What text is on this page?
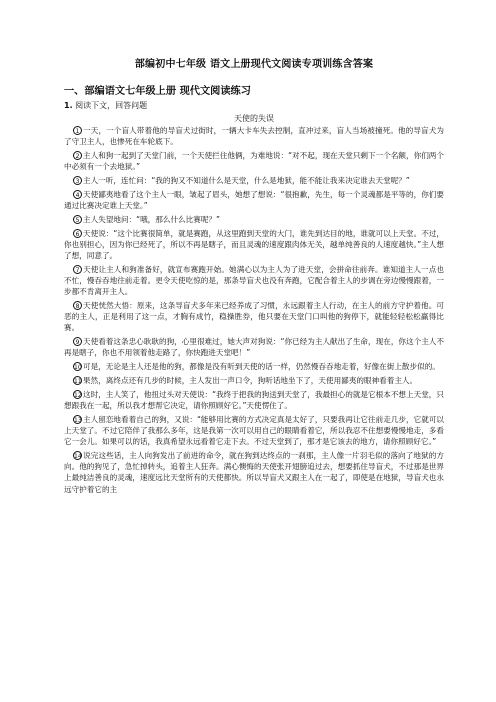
部编初中七年级 语文上册现代文阅读专项训练含答案
一、部编语文七年级上册 现代文阅读练习
1. 阅读下文，回答问题
天使的失误
1 一天，一个盲人带着他的导盲犬过街时，一辆大卡车失去控制，直冲过来，盲人当场被撞死。他的导盲犬为了守卫主人，也惨死在车轮底下。
2 主人和狗一起到了天堂门前，一个天使拦住他俩，为难地说：“对不起，现在天堂只剩下一个名额，你们两个中必须有一个去地狱。”
3 主人一听，连忙问：“我的狗又不知道什么是天堂，什么是地狱，能不能让我来决定谁去天堂呢？”
4 天使鄙夷地看了这个主人一眼，皱起了眉头，她想了想说：“很抱歉，先生，每一个灵魂都是平等的，你们要通过比赛决定谁上天堂。”
5 主人失望地问：“哦，那么什么比赛呢？”
6 天使说：“这个比赛很简单，就是赛跑，从这里跑到天堂的大门，谁先到达目的地，谁就可以上天堂。不过，你也别担心，因为你已经死了，所以不再是瞎子，而且灵魂的速度跟肉体无关，越单纯善良的人速度越快。”主人想了想，同意了。
7 天使让主人和狗准备好，就宣布赛跑开始。她满心以为主人为了进天堂，会拼命往前奔。谁知道主人一点也不忙，慢吞吞地往前走着。更令天使吃惊的是，那条导盲犬也没有奔跑，它配合着主人的步调在旁边慢慢跟着，一步都不肯离开主人。
8 天使恍然大悟：原来，这条导盲犬多年来已经养成了习惯，永远跟着主人行动，在主人的前方守护着他。可恶的主人，正是利用了这一点，才胸有成竹，稳操胜券，他只要在天堂门口叫他的狗停下，就能轻轻松松赢得比赛。
9 天使看着这条忠心耿耿的狗，心里很难过，她大声对狗说：“你已经为主人献出了生命，现在，你这个主人不再是瞎子，你也不用领着他走路了，你快跑进天堂吧！”
10可是，无论是主人还是他的狗，都像是没有听到天使的话一样，仍然慢吞吞地走着，好像在街上散步似的。
11果然，离终点还有几步的时候，主人发出一声口令，狗听话地坐下了，天使用鄙夷的眼神看着主人。
12这时，主人笑了，他扭过头对天使说：“我终于把我的狗送到天堂了，我最担心的就是它根本不想上天堂，只想跟我在一起，所以我才想帮它决定，请你照顾好它。”天使愣住了。
13主人留恋地看着自己的狗，又说：“能够用比赛的方式决定真是太好了，只要我再让它往前走几步，它就可以上天堂了。不过它陪伴了我那么多年，这是我第一次可以用自己的眼睛看着它，所以我忍不住想要慢慢地走，多看它一会儿。如果可以的话，我真希望永远看着它走下去。不过天堂到了，那才是它该去的地方，请你照顾好它。”
14说完这些话，主人向狗发出了前进的命令，就在狗到达终点的一刹那，主人像一片羽毛似的落向了地狱的方向。他的狗见了，急忙掉转头，追着主人狂奔。满心懊悔的天使张开翅膀追过去，想要抓住导盲犬，不过那是世界上最纯洁善良的灵魂，速度远比天堂所有的天使都快。所以导盲犬又跟主人在一起了，即使是在地狱，导盲犬也永远守护着它的主
